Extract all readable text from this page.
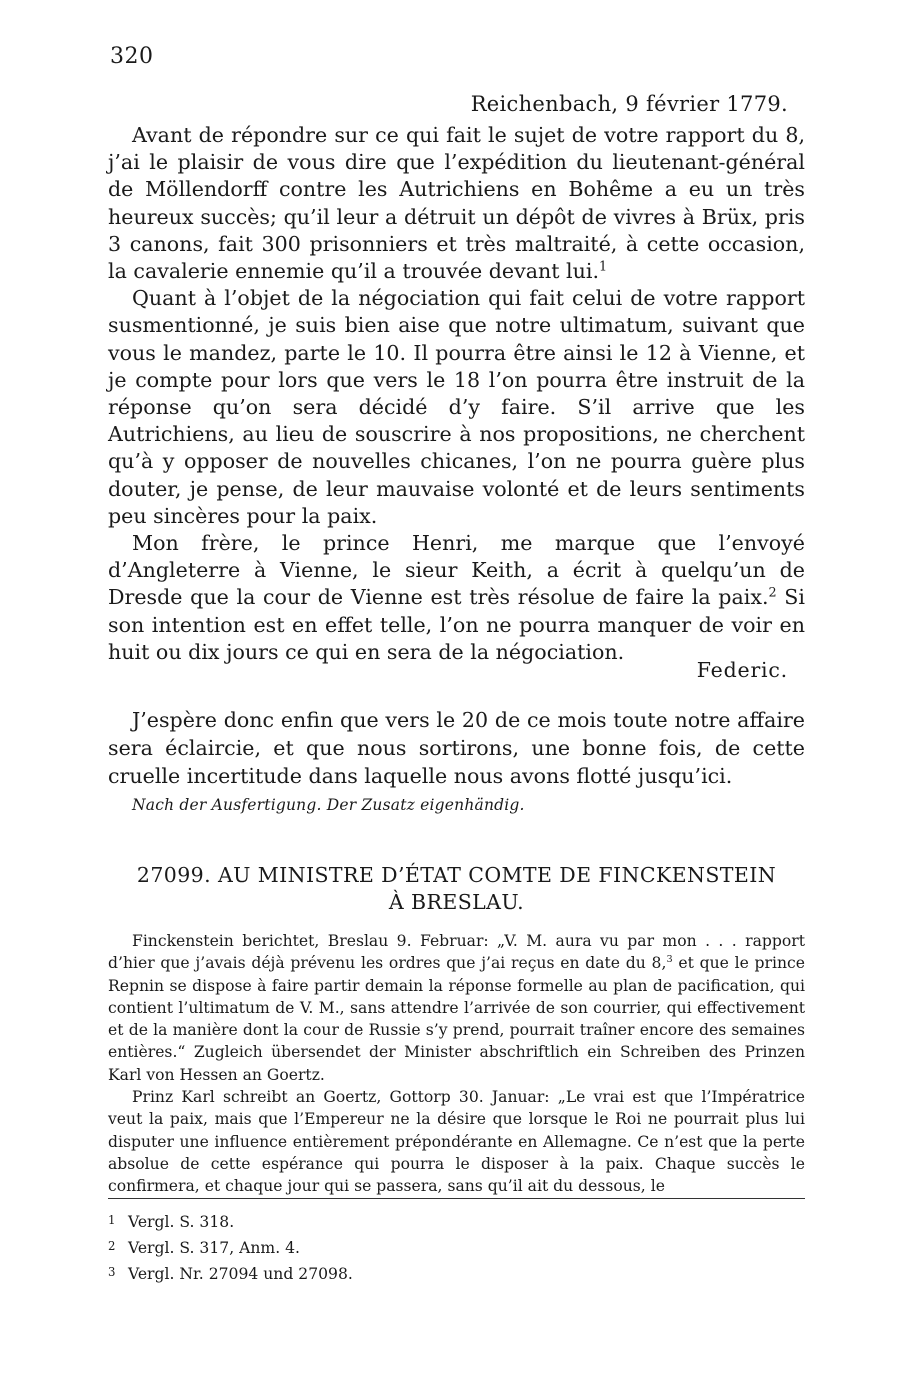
320
Reichenbach, 9 février 1779.

Avant de répondre sur ce qui fait le sujet de votre rapport du 8, j’ai le plaisir de vous dire que l’expédition du lieutenant-général de Möllendorff contre les Autrichiens en Bohême a eu un très heureux succès; qu’il leur a détruit un dépôt de vivres à Brüx, pris 3 canons, fait 300 prisonniers et très maltraité, à cette occasion, la cavalerie ennemie qu’il a trouvée devant lui.$^1$

Quant à l’objet de la négociation qui fait celui de votre rapport susmentionné, je suis bien aise que notre ultimatum, suivant que vous le mandez, parte le 10. Il pourra être ainsi le 12 à Vienne, et je compte pour lors que vers le 18 l’on pourra être instruit de la réponse qu’on sera décidé d’y faire. S’il arrive que les Autrichiens, au lieu de souscrire à nos propositions, ne cherchent qu’à y opposer de nouvelles chicanes, l’on ne pourra guère plus douter, je pense, de leur mauvaise volonté et de leurs sentiments peu sincères pour la paix.

Mon frère, le prince Henri, me marque que l’envoyé d’Angleterre à Vienne, le sieur Keith, a écrit à quelqu’un de Dresde que la cour de Vienne est très résolue de faire la paix.$^2$ Si son intention est en effet telle, l’on ne pourra manquer de voir en huit ou dix jours ce qui en sera de la négociation.

Federic.

J’espère donc enfin que vers le 20 de ce mois toute notre affaire sera éclaircie, et que nous sortirons, une bonne fois, de cette cruelle incertitude dans laquelle nous avons flotté jusqu’ici.

Nach der Ausfertigung. Der Zusatz eigenhändig.
27099. AU MINISTRE D’ÉTAT COMTE DE FINCKENSTEIN
À BRESLAU.

Finckenstein berichtet, Breslau 9. Februar: „V. M. aura vu par mon . . . rapport d’hier que j’avais déjà prévenu les ordres que j’ai reçus en date du 8,$^3$ et que le prince Repnin se dispose à faire partir demain la réponse formelle au plan de pacification, qui contient l’ultimatum de V. M., sans attendre l’arrivée de son courrier, qui effectivement et de la manière dont la cour de Russie s’y prend, pourrait traîner encore des semaines entières.“ Zugleich übersendet der Minister abschriftlich ein Schreiben des Prinzen Karl von Hessen an Goertz.

Prinz Karl schreibt an Goertz, Gottorp 30. Januar: „Le vrai est que l’Impératrice veut la paix, mais que l’Empereur ne la désire que lorsque le Roi ne pourrait plus lui disputer une influence entièrement prépondérante en Allemagne. Ce n’est que la perte absolue de cette espérance qui pourra le disposer à la paix. Chaque succès le confirmera, et chaque jour qui se passera, sans qu’il ait du dessous, le

1 Vergl. S. 318.
2 Vergl. S. 317, Anm. 4.
3 Vergl. Nr. 27094 und 27098.
